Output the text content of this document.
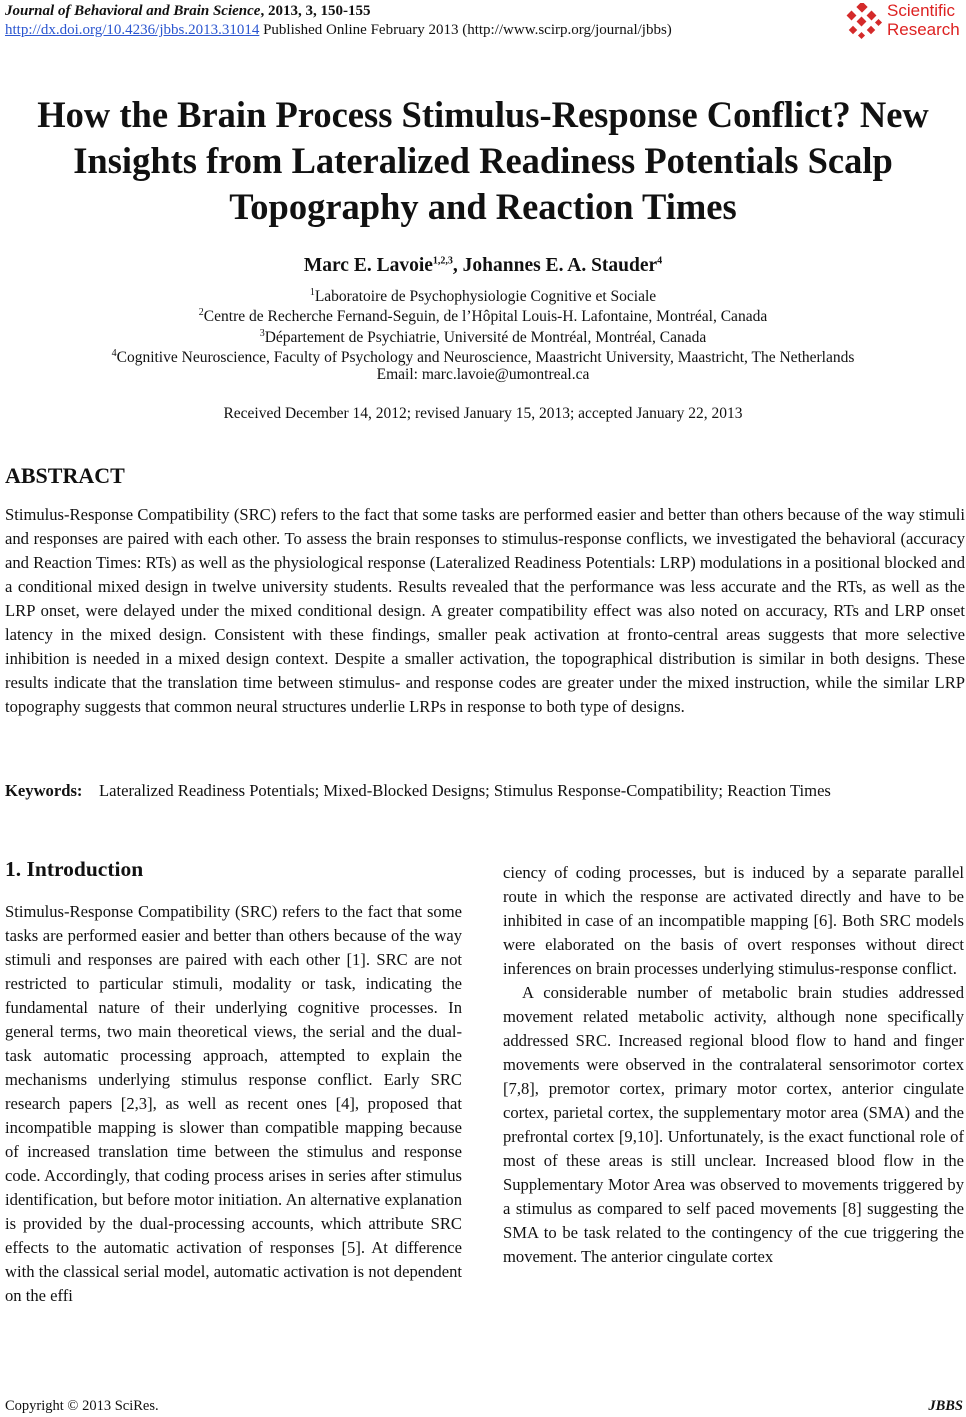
Journal of Behavioral and Brain Science, 2013, 3, 150-155
http://dx.doi.org/10.4236/jbbs.2013.31014 Published Online February 2013 (http://www.scirp.org/journal/jbbs)
Scientific
Research
How the Brain Process Stimulus-Response Conflict? New Insights from Lateralized Readiness Potentials Scalp Topography and Reaction Times
Marc E. Lavoie$^{1,2,3}$, Johannes E. A. Stauder$^4$
$^1$Laboratoire de Psychophysiologie Cognitive et Sociale
$^2$Centre de Recherche Fernand-Seguin, de l’Hôpital Louis-H. Lafontaine, Montréal, Canada
$^3$Département de Psychiatrie, Université de Montréal, Montréal, Canada
$^4$Cognitive Neuroscience, Faculty of Psychology and Neuroscience, Maastricht University, Maastricht, The Netherlands
Email: marc.lavoie@umontreal.ca
Received December 14, 2012; revised January 15, 2013; accepted January 22, 2013
ABSTRACT
Stimulus-Response Compatibility (SRC) refers to the fact that some tasks are performed easier and better than others because of the way stimuli and responses are paired with each other. To assess the brain responses to stimulus-response conflicts, we investigated the behavioral (accuracy and Reaction Times: RTs) as well as the physiological response (Lateralized Readiness Potentials: LRP) modulations in a positional blocked and a conditional mixed design in twelve university students. Results revealed that the performance was less accurate and the RTs, as well as the LRP onset, were delayed under the mixed conditional design. A greater compatibility effect was also noted on accuracy, RTs and LRP onset latency in the mixed design. Consistent with these findings, smaller peak activation at fronto-central areas suggests that more selective inhibition is needed in a mixed design context. Despite a smaller activation, the topographical distribution is similar in both designs. These results indicate that the translation time between stimulus- and response codes are greater under the mixed instruction, while the similar LRP topography suggests that common neural structures underlie LRPs in response to both type of designs.
Keywords: Lateralized Readiness Potentials; Mixed-Blocked Designs; Stimulus Response-Compatibility; Reaction Times
1. Introduction

Stimulus-Response Compatibility (SRC) refers to the fact that some tasks are performed easier and better than others because of the way stimuli and responses are paired with each other [1]. SRC are not restricted to particular stimuli, modality or task, indicating the fundamental nature of their underlying cognitive processes. In general terms, two main theoretical views, the serial and the dual-task automatic processing approach, attempted to explain the mechanisms underlying stimulus response conflict. Early SRC research papers [2,3], as well as recent ones [4], proposed that incompatible mapping is slower than compatible mapping because of increased translation time between the stimulus and response code. Accordingly, that coding process arises in series after stimulus identification, but before motor initiation. An alternative explanation is provided by the dual-processing accounts, which attribute SRC effects to the automatic activation of responses [5]. At difference with the classical serial model, automatic activation is not dependent on the effi

ciency of coding processes, but is induced by a separate parallel route in which the response are activated directly and have to be inhibited in case of an incompatible mapping [6]. Both SRC models were elaborated on the basis of overt responses without direct inferences on brain processes underlying stimulus-response conflict.

A considerable number of metabolic brain studies addressed movement related metabolic activity, although none specifically addressed SRC. Increased regional blood flow to hand and finger movements were observed in the contralateral sensorimotor cortex [7,8], premotor cortex, primary motor cortex, anterior cingulate cortex, parietal cortex, the supplementary motor area (SMA) and the prefrontal cortex [9,10]. Unfortunately, is the exact functional role of most of these areas is still unclear. Increased blood flow in the Supplementary Motor Area was observed to movements triggered by a stimulus as compared to self paced movements [8] suggesting the SMA to be task related to the contingency of the cue triggering the movement. The anterior cingulate cortex

Copyright © 2013 SciRes.	JBBS
